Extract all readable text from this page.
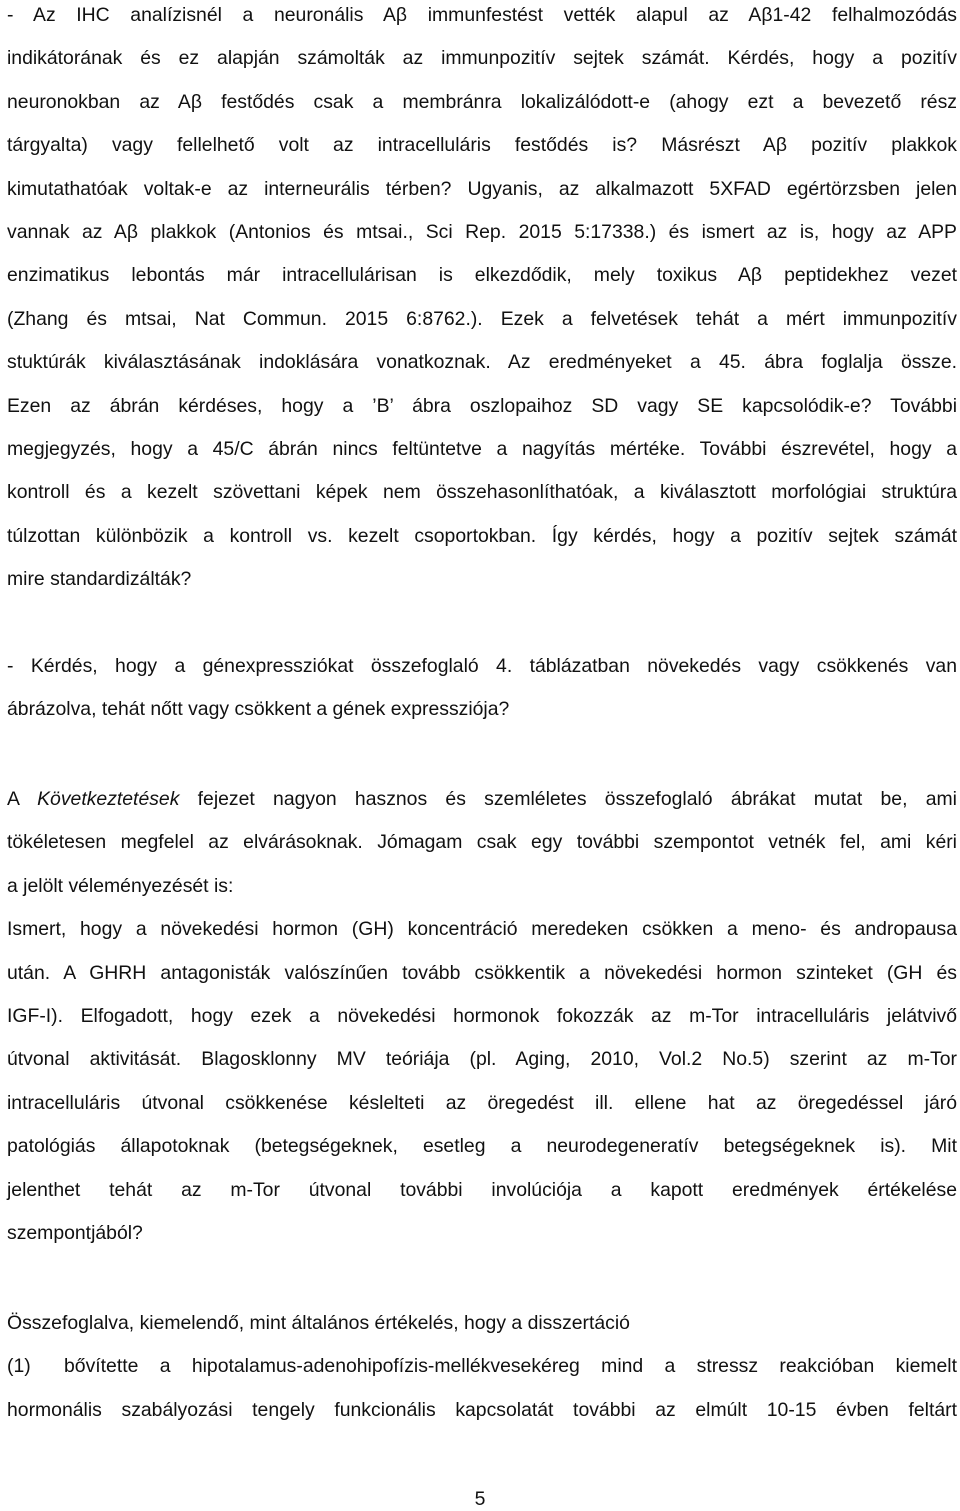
- Az IHC analízisnél a neuronális Aβ immunfestést vették alapul az Aβ1-42 felhalmozódás
indikátorának és ez alapján számolták az immunpozitív sejtek számát. Kérdés, hogy a pozitív
neuronokban az Aβ festődés csak a membránra lokalizálódott-e (ahogy ezt a bevezető rész
tárgyalta) vagy fellelhető volt az intracelluláris festődés is? Másrészt Aβ pozitív plakkok
kimutathatóak voltak-e az interneurális térben? Ugyanis, az alkalmazott 5XFAD egértörzsben jelen
vannak az Aβ plakkok (Antonios és mtsai., Sci Rep. 2015 5:17338.) és ismert az is, hogy az APP
enzimatikus lebontás már intracellulárisan is elkezdődik, mely toxikus Aβ peptidekhez vezet
(Zhang és mtsai, Nat Commun. 2015 6:8762.). Ezek a felvetések tehát a mért immunpozitív
stuktúrák kiválasztásának indoklására vonatkoznak. Az eredményeket a 45. ábra foglalja össze.
Ezen az ábrán kérdéses, hogy a ’B’ ábra oszlopaihoz SD vagy SE kapcsolódik-e? További
megjegyzés, hogy a 45/C ábrán nincs feltüntetve a nagyítás mértéke. További észrevétel, hogy a
kontroll és a kezelt szövettani képek nem összehasonlíthatóak, a kiválasztott morfológiai struktúra
túlzottan különbözik a kontroll vs. kezelt csoportokban. Így kérdés, hogy a pozitív sejtek számát
mire standardizálták?
- Kérdés, hogy a génexpressziókat összefoglaló 4. táblázatban növekedés vagy csökkenés van
ábrázolva, tehát nőtt vagy csökkent a gének expressziója?
A Következtetések fejezet nagyon hasznos és szemléletes összefoglaló ábrákat mutat be, ami
tökéletesen megfelel az elvárásoknak. Jómagam csak egy további szempontot vetnék fel, ami kéri
a jelölt véleményezését is:
Ismert, hogy a növekedési hormon (GH) koncentráció meredeken csökken a meno- és andropausa
után. A GHRH antagonisták valószínűen tovább csökkentik a növekedési hormon szinteket (GH és
IGF-I). Elfogadott, hogy ezek a növekedési hormonok fokozzák az m-Tor intracelluláris jelátvivő
útvonal aktivitását. Blagosklonny MV teóriája (pl. Aging, 2010, Vol.2 No.5) szerint az m-Tor
intracelluláris útvonal csökkenése késlelteti az öregedést ill. ellene hat az öregedéssel járó
patológiás állapotoknak (betegségeknek, esetleg a neurodegeneratív betegségeknek is). Mit
jelenthet tehát az m-Tor útvonal további involúciója a kapott eredmények értékelése
szempontjából?
Összefoglalva, kiemelendő, mint általános értékelés, hogy a disszertáció
(1)	bővítette a hipotalamus-adenohipofízis-mellékvesekéreg mind a stressz reakcióban kiemelt
hormonális szabályozási tengely funkcionális kapcsolatát további az elmúlt 10-15 évben feltárt
5
